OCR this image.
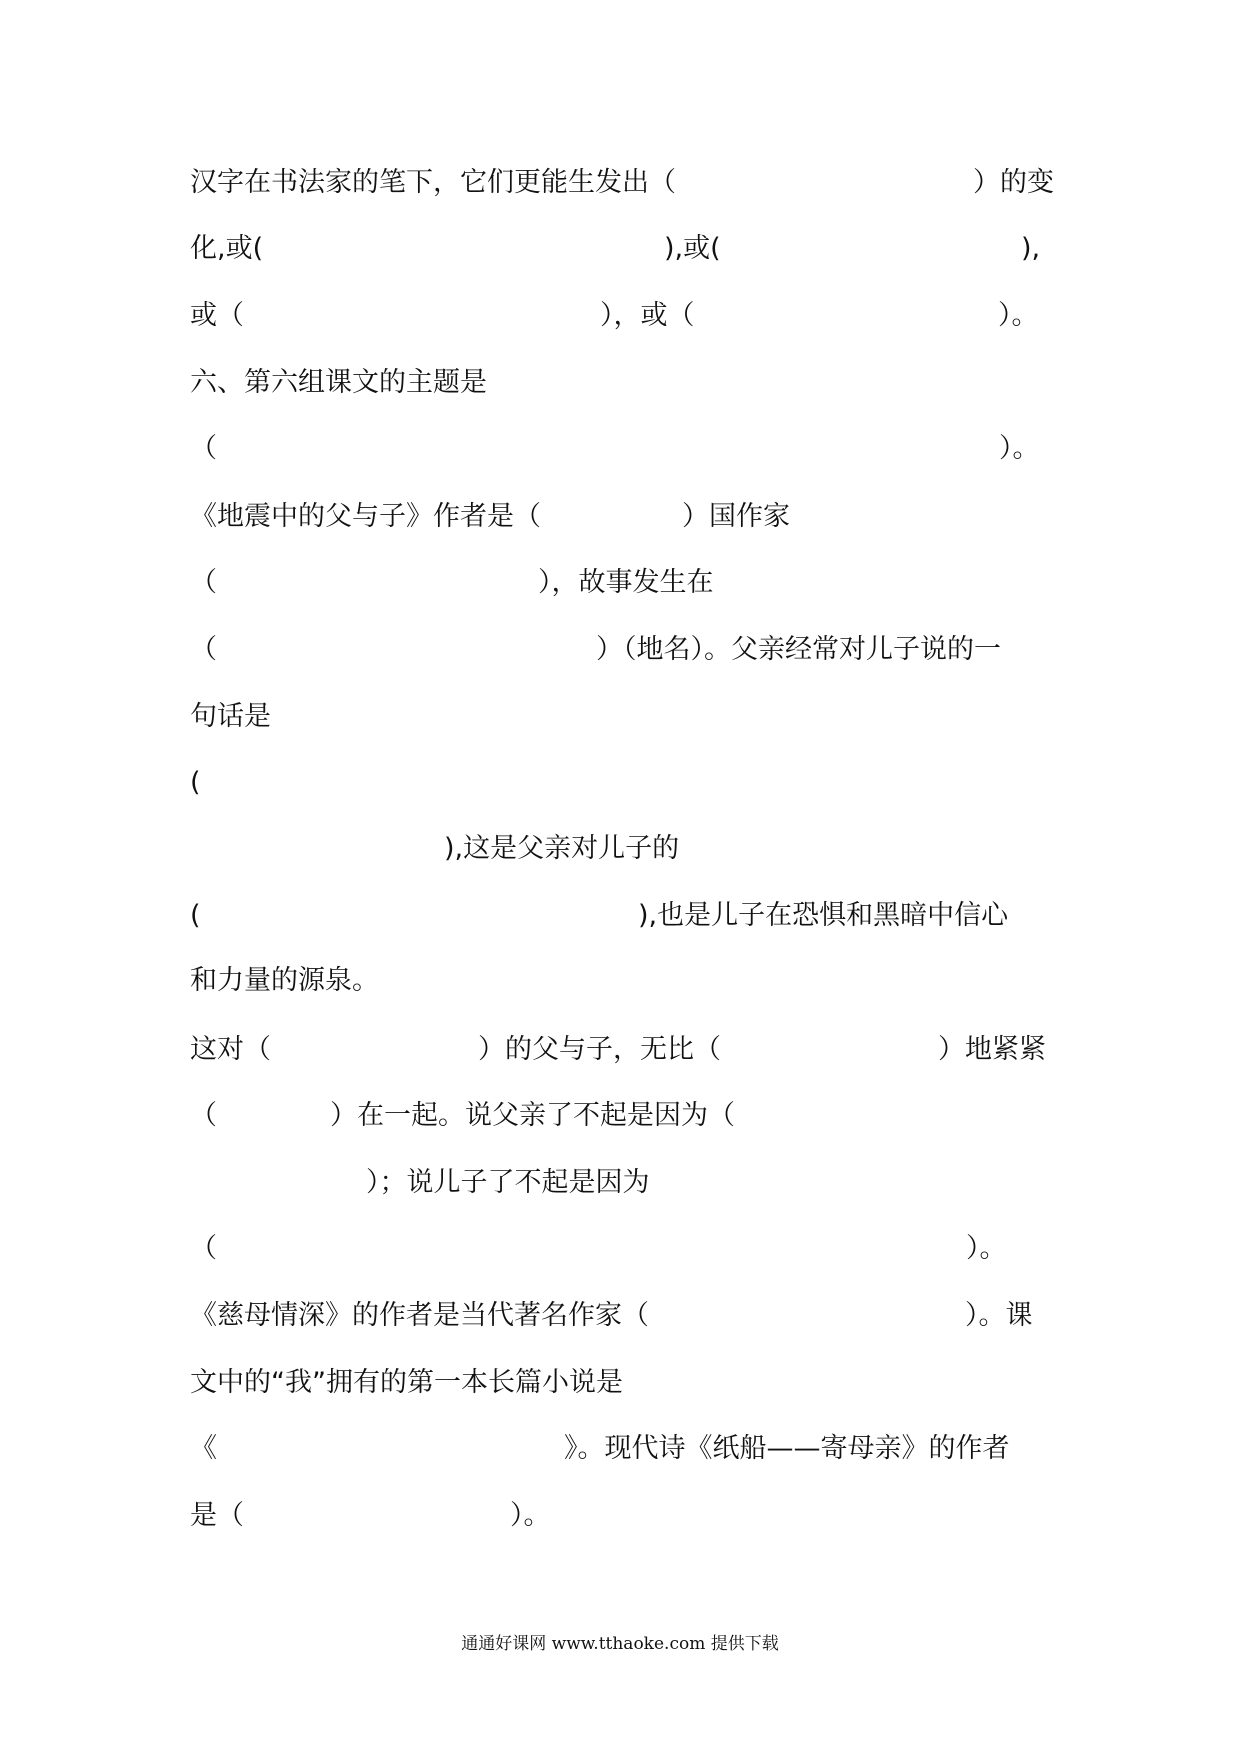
汉字在书法家的笔下，它们更能生发出（	）的变
化,或(	),或(	),
或（	），或（	）。
六、第六组课文的主题是
（	）。
《地震中的父与子》作者是（	）国作家
（	），故事发生在
（	）（地名）。父亲经常对儿子说的一
句话是
(
),这是父亲对儿子的
(	),也是儿子在恐惧和黑暗中信心
和力量的源泉。
这对（	）的父与子，无比（	）地紧紧
（	）在一起。说父亲了不起是因为（
）；说儿子了不起是因为
（	）。
《慈母情深》的作者是当代著名作家（	）。课
文中的“我”拥有的第一本长篇小说是
《	》。现代诗《纸船——寄母亲》的作者
是（	）。
通通好课网 www.tthaoke.com 提供下载
